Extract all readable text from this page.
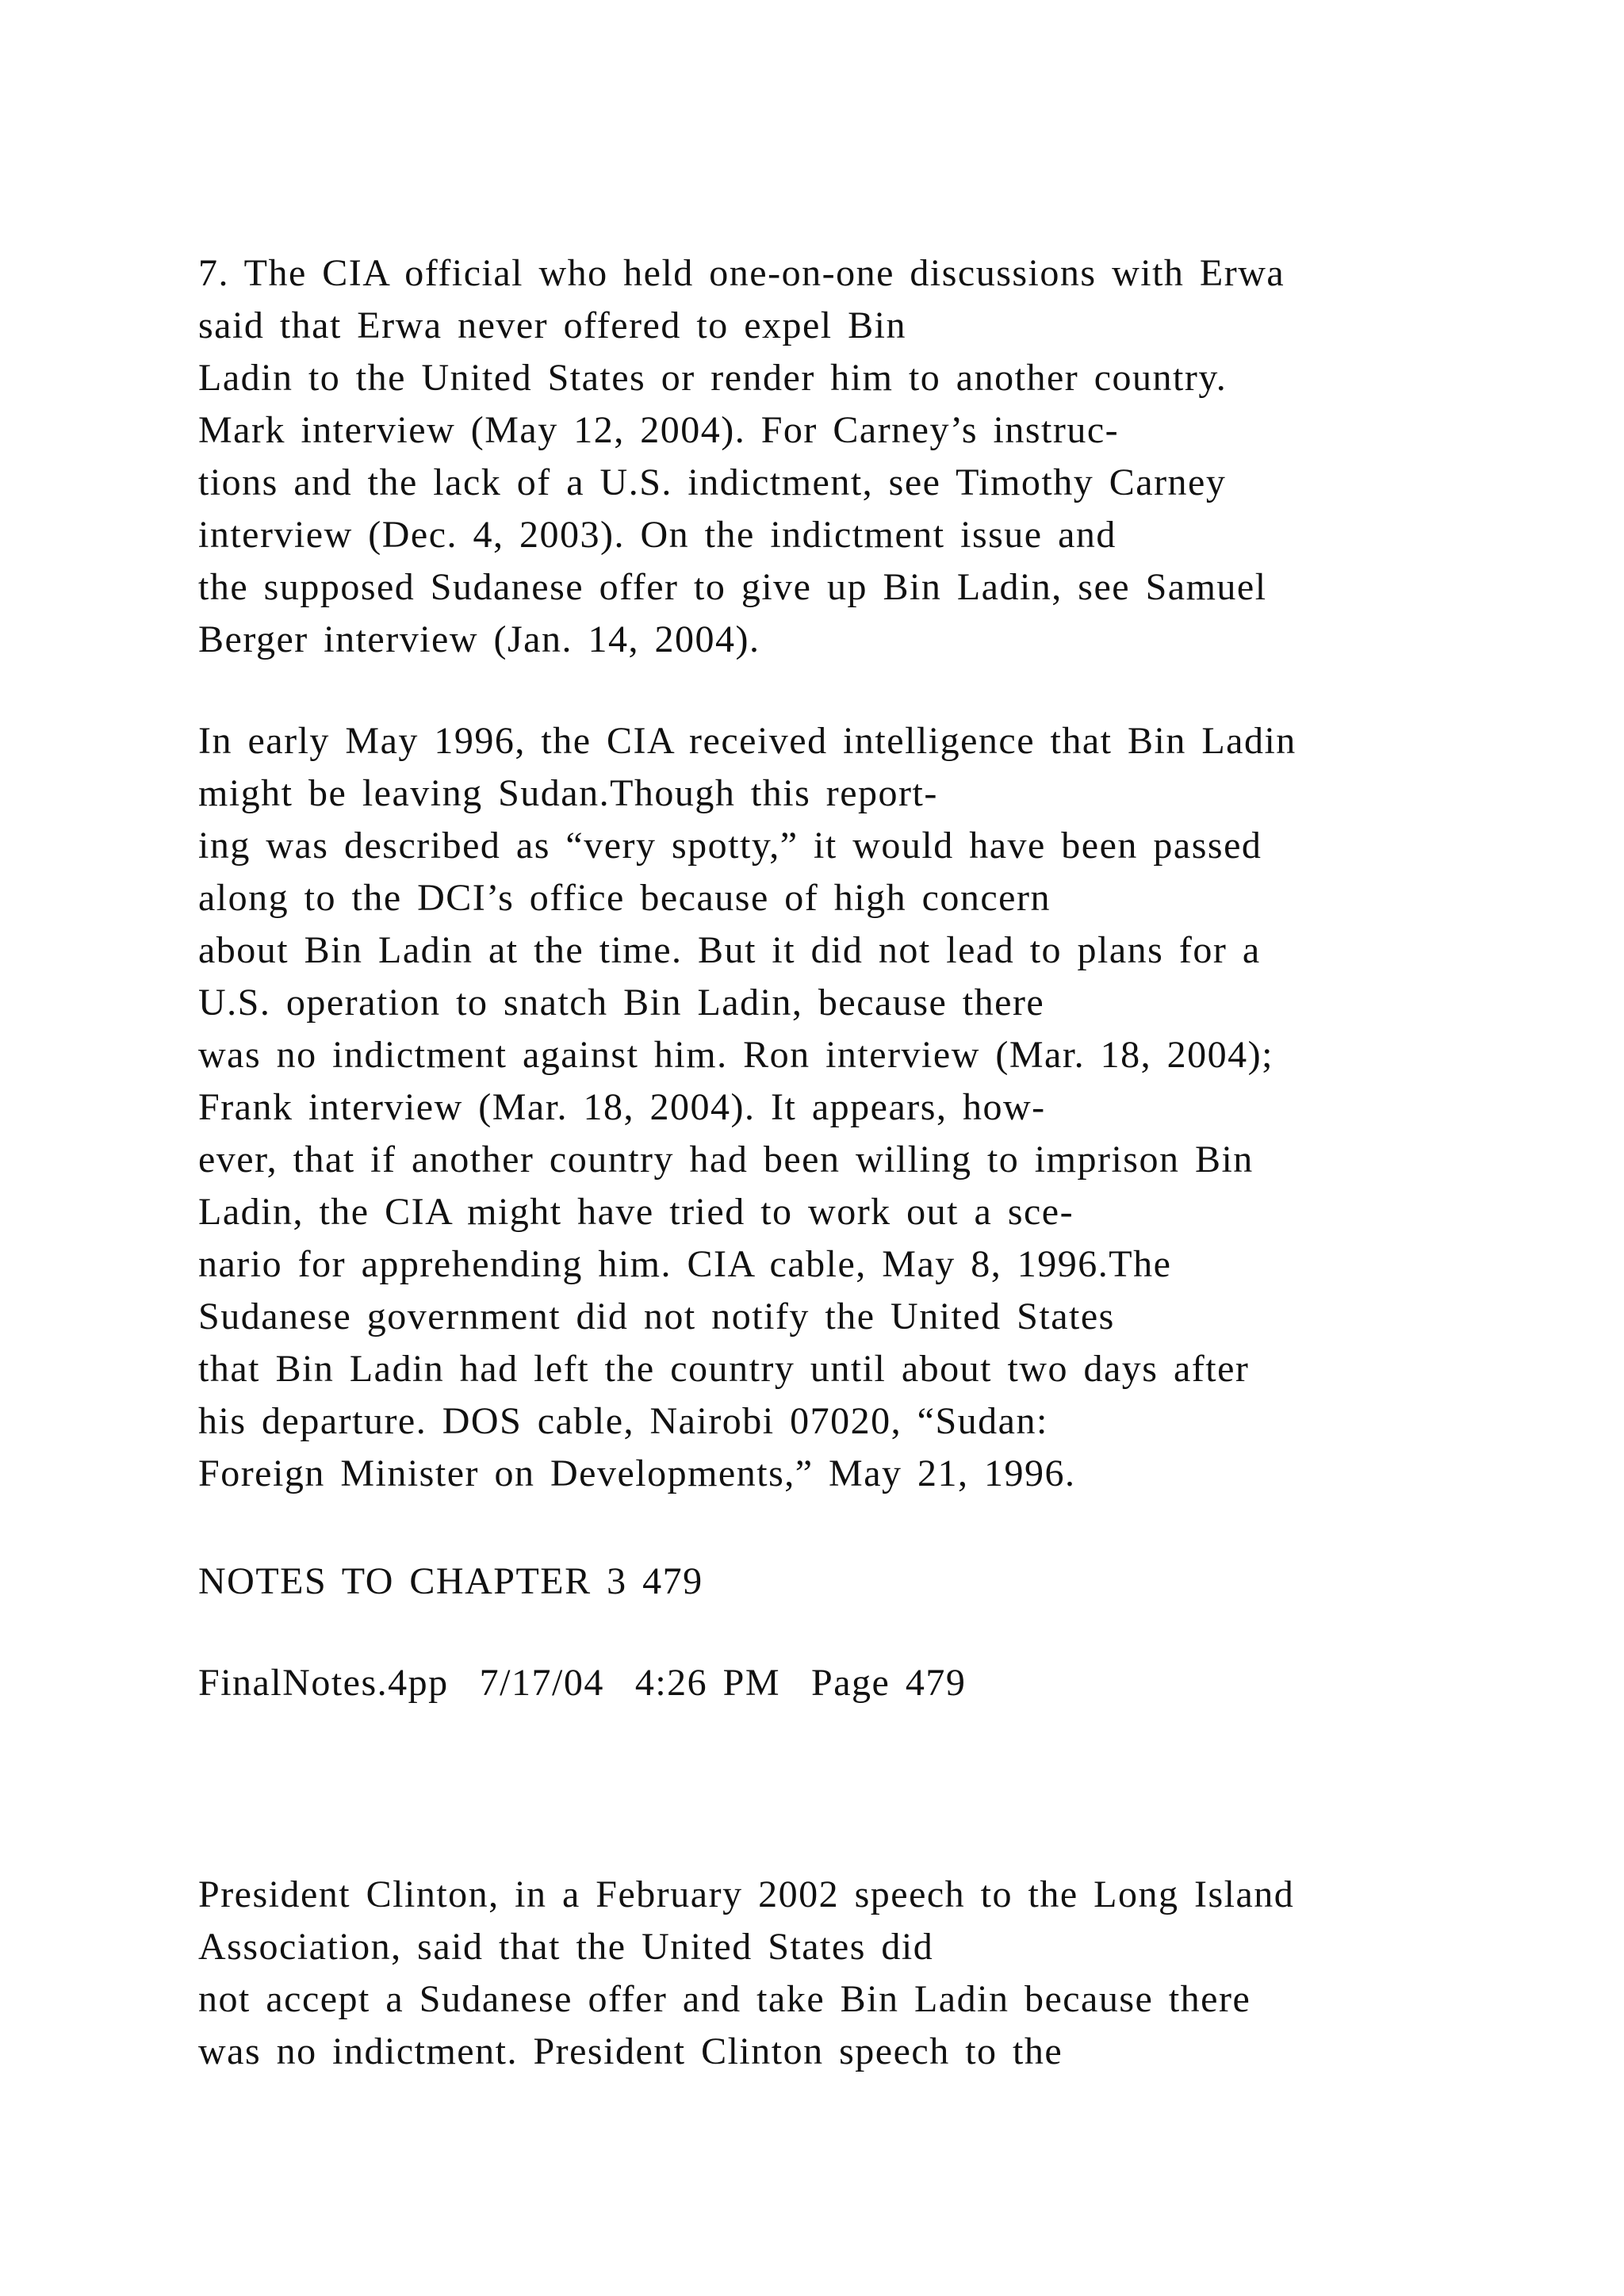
7. The CIA official who held one-on-one discussions with Erwa
said that Erwa never offered to expel Bin
Ladin to the United States or render him to another country.
Mark interview (May 12, 2004). For Carney’s instruc-
tions and the lack of a U.S. indictment, see Timothy Carney
interview (Dec. 4, 2003). On the indictment issue and
the supposed Sudanese offer to give up Bin Ladin, see Samuel
Berger interview (Jan. 14, 2004).
In early May 1996, the CIA received intelligence that Bin Ladin
might be leaving Sudan.Though this report-
ing was described as “very spotty,” it would have been passed
along to the DCI’s office because of high concern
about Bin Ladin at the time. But it did not lead to plans for a
U.S. operation to snatch Bin Ladin, because there
was no indictment against him. Ron interview (Mar. 18, 2004);
Frank interview (Mar. 18, 2004). It appears, how-
ever, that if another country had been willing to imprison Bin
Ladin, the CIA might have tried to work out a sce-
nario for apprehending him. CIA cable, May 8, 1996.The
Sudanese government did not notify the United States
that Bin Ladin had left the country until about two days after
his departure. DOS cable, Nairobi 07020, “Sudan:
Foreign Minister on Developments,” May 21, 1996.
NOTES TO CHAPTER 3 479
FinalNotes.4pp  7/17/04  4:26 PM  Page 479
President Clinton, in a February 2002 speech to the Long Island
Association, said that the United States did
not accept a Sudanese offer and take Bin Ladin because there
was no indictment. President Clinton speech to the
